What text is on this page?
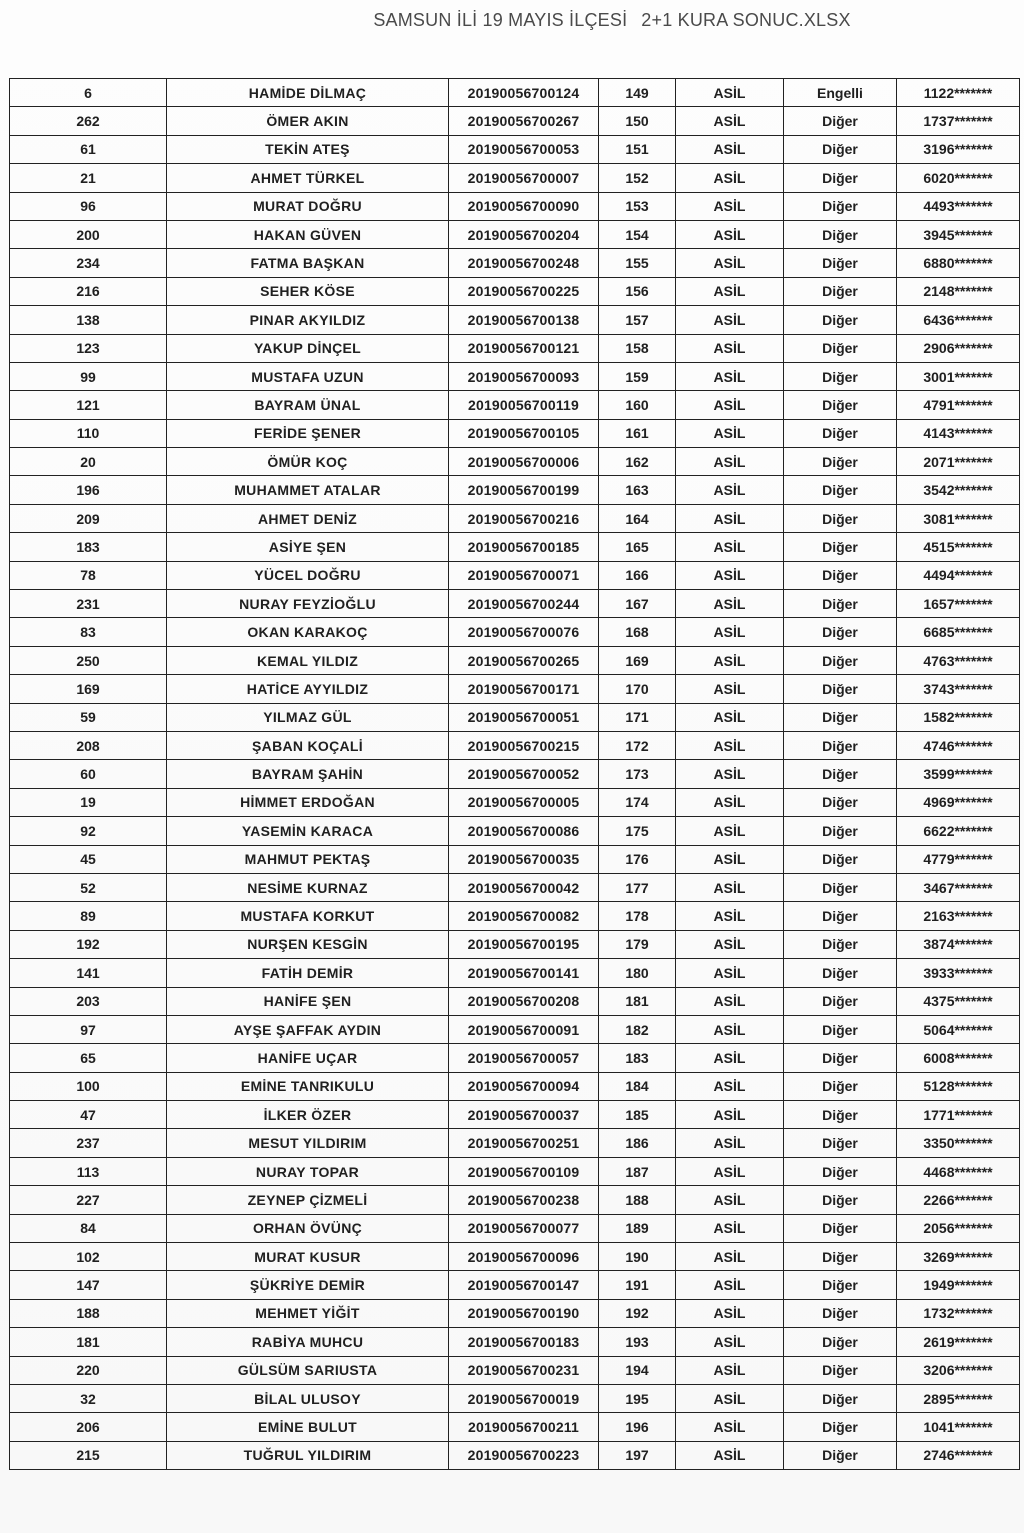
SAMSUN İLİ 19 MAYIS İLÇESİ 2+1 KURA SONUC.XLSX
6	HAMİDE DİLMAÇ	20190056700124	149	ASİL	Engelli	1122*******
262	ÖMER AKIN	20190056700267	150	ASİL	Diğer	1737*******
61	TEKİN ATEŞ	20190056700053	151	ASİL	Diğer	3196*******
21	AHMET TÜRKEL	20190056700007	152	ASİL	Diğer	6020*******
96	MURAT DOĞRU	20190056700090	153	ASİL	Diğer	4493*******
200	HAKAN GÜVEN	20190056700204	154	ASİL	Diğer	3945*******
234	FATMA BAŞKAN	20190056700248	155	ASİL	Diğer	6880*******
216	SEHER KÖSE	20190056700225	156	ASİL	Diğer	2148*******
138	PINAR AKYILDIZ	20190056700138	157	ASİL	Diğer	6436*******
123	YAKUP DİNÇEL	20190056700121	158	ASİL	Diğer	2906*******
99	MUSTAFA UZUN	20190056700093	159	ASİL	Diğer	3001*******
121	BAYRAM ÜNAL	20190056700119	160	ASİL	Diğer	4791*******
110	FERİDE ŞENER	20190056700105	161	ASİL	Diğer	4143*******
20	ÖMÜR KOÇ	20190056700006	162	ASİL	Diğer	2071*******
196	MUHAMMET ATALAR	20190056700199	163	ASİL	Diğer	3542*******
209	AHMET DENİZ	20190056700216	164	ASİL	Diğer	3081*******
183	ASİYE ŞEN	20190056700185	165	ASİL	Diğer	4515*******
78	YÜCEL DOĞRU	20190056700071	166	ASİL	Diğer	4494*******
231	NURAY FEYZİOĞLU	20190056700244	167	ASİL	Diğer	1657*******
83	OKAN KARAKOÇ	20190056700076	168	ASİL	Diğer	6685*******
250	KEMAL YILDIZ	20190056700265	169	ASİL	Diğer	4763*******
169	HATİCE AYYILDIZ	20190056700171	170	ASİL	Diğer	3743*******
59	YILMAZ GÜL	20190056700051	171	ASİL	Diğer	1582*******
208	ŞABAN KOÇALİ	20190056700215	172	ASİL	Diğer	4746*******
60	BAYRAM ŞAHİN	20190056700052	173	ASİL	Diğer	3599*******
19	HİMMET ERDOĞAN	20190056700005	174	ASİL	Diğer	4969*******
92	YASEMİN KARACA	20190056700086	175	ASİL	Diğer	6622*******
45	MAHMUT PEKTAŞ	20190056700035	176	ASİL	Diğer	4779*******
52	NESİME KURNAZ	20190056700042	177	ASİL	Diğer	3467*******
89	MUSTAFA KORKUT	20190056700082	178	ASİL	Diğer	2163*******
192	NURŞEN KESGİN	20190056700195	179	ASİL	Diğer	3874*******
141	FATİH DEMİR	20190056700141	180	ASİL	Diğer	3933*******
203	HANİFE ŞEN	20190056700208	181	ASİL	Diğer	4375*******
97	AYŞE ŞAFFAK AYDIN	20190056700091	182	ASİL	Diğer	5064*******
65	HANİFE UÇAR	20190056700057	183	ASİL	Diğer	6008*******
100	EMİNE TANRIKULU	20190056700094	184	ASİL	Diğer	5128*******
47	İLKER ÖZER	20190056700037	185	ASİL	Diğer	1771*******
237	MESUT YILDIRIM	20190056700251	186	ASİL	Diğer	3350*******
113	NURAY TOPAR	20190056700109	187	ASİL	Diğer	4468*******
227	ZEYNEP ÇİZMELİ	20190056700238	188	ASİL	Diğer	2266*******
84	ORHAN ÖVÜNÇ	20190056700077	189	ASİL	Diğer	2056*******
102	MURAT KUSUR	20190056700096	190	ASİL	Diğer	3269*******
147	ŞÜKRİYE DEMİR	20190056700147	191	ASİL	Diğer	1949*******
188	MEHMET YİĞİT	20190056700190	192	ASİL	Diğer	1732*******
181	RABİYA MUHCU	20190056700183	193	ASİL	Diğer	2619*******
220	GÜLSÜM SARIUSTA	20190056700231	194	ASİL	Diğer	3206*******
32	BİLAL ULUSOY	20190056700019	195	ASİL	Diğer	2895*******
206	EMİNE BULUT	20190056700211	196	ASİL	Diğer	1041*******
215	TUĞRUL YILDIRIM	20190056700223	197	ASİL	Diğer	2746*******
